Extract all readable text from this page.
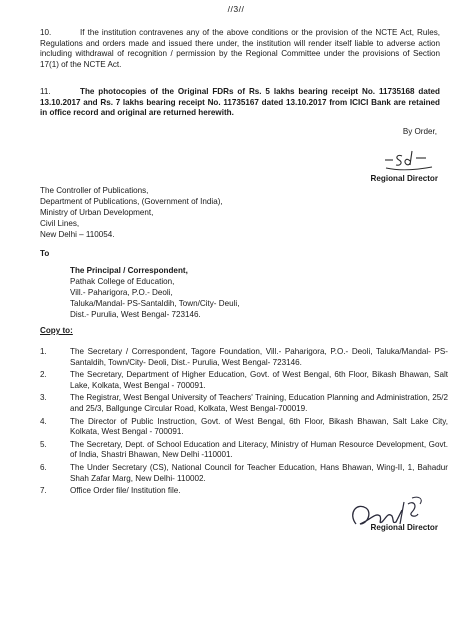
//3//
10.	If the institution contravenes any of the above conditions or the provision of the NCTE Act, Rules, Regulations and orders made and issued there under, the institution will render itself liable to adverse action including withdrawal of recognition / permission by the Regional Committee under the provisions of Section 17(1) of the NCTE Act.
11.	The photocopies of the Original FDRs of Rs. 5 lakhs bearing receipt No. 11735168 dated 13.10.2017 and Rs. 7 lakhs bearing receipt No. 11735167 dated 13.10.2017 from ICICI Bank are retained in office record and original are returned herewith.
By Order,
Regional Director
The Controller of Publications,
Department of Publications, (Government of India),
Ministry of Urban Development,
Civil Lines,
New Delhi – 110054.
To
The Principal / Correspondent,
Pathak College of Education,
Vill.- Paharigora, P.O.- Deoli,
Taluka/Mandal- PS-Santaldih, Town/City- Deuli,
Dist.- Purulia, West Bengal- 723146.
Copy to:
1.	The Secretary / Correspondent, Tagore Foundation, Vill.- Paharigora, P.O.- Deoli, Taluka/Mandal- PS-Santaldih, Town/City- Deoli, Dist.- Purulia, West Bengal- 723146.
2.	The Secretary, Department of Higher Education, Govt. of West Bengal, 6th Floor, Bikash Bhawan, Salt Lake, Kolkata, West Bengal - 700091.
3.	The Registrar, West Bengal University of Teachers' Training, Education Planning and Administration, 25/2 and 25/3, Ballgunge Circular Road, Kolkata, West Bengal-700019.
4.	The Director of Public Instruction, Govt. of West Bengal, 6th Floor, Bikash Bhawan, Salt Lake City, Kolkata, West Bengal - 700091.
5.	The Secretary, Dept. of School Education and Literacy, Ministry of Human Resource Development, Govt. of India, Shastri Bhawan, New Delhi -110001.
6.	The Under Secretary (CS), National Council for Teacher Education, Hans Bhawan, Wing-II, 1, Bahadur Shah Zafar Marg, New Delhi- 110002.
7.	Office Order file/ Institution file.
Regional Director
